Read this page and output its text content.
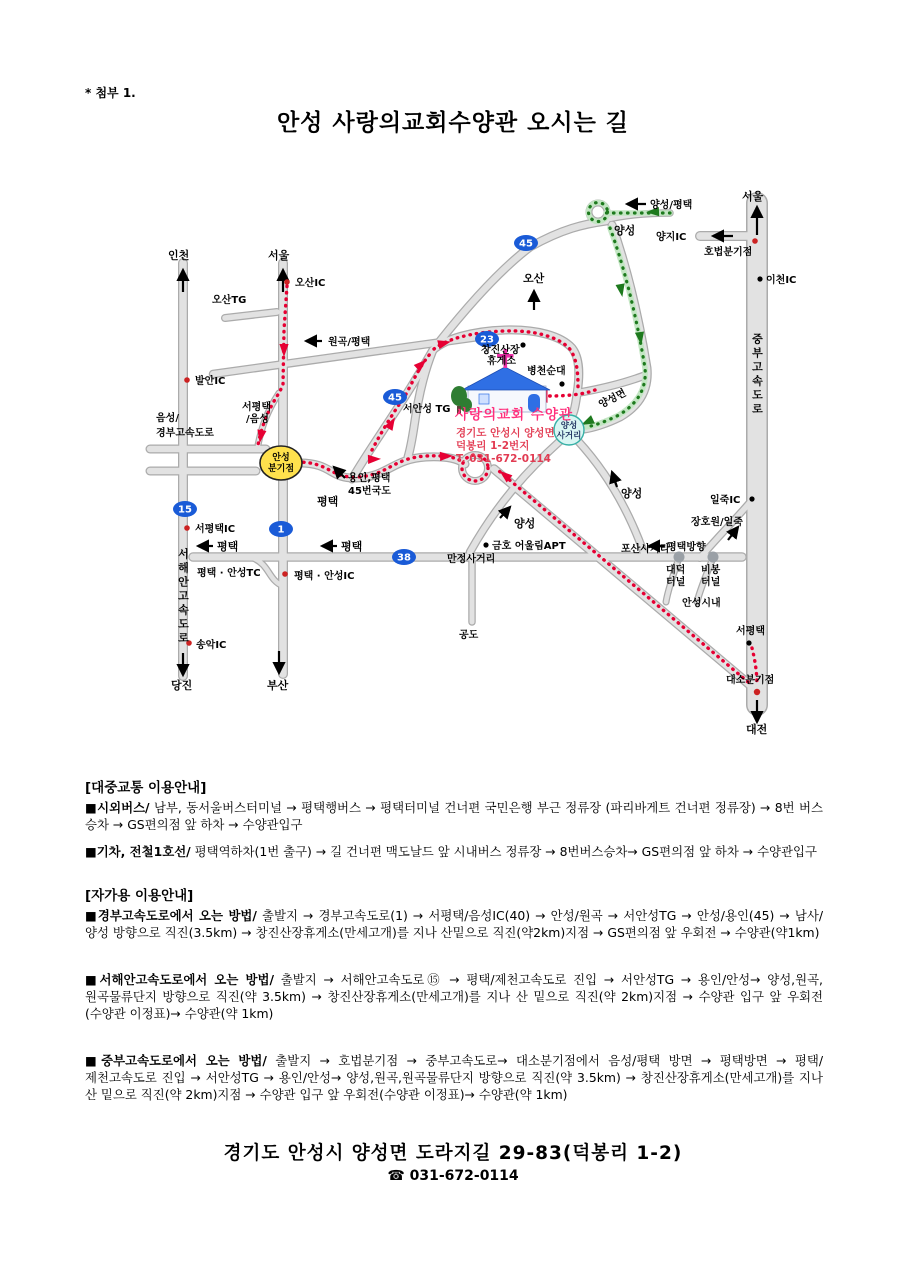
* 첨부 1.
안성 사랑의교회수양관 오시는 길
45
23
45
15
1
38
안성
분기점
양성
사거리
인천	서울
오산IC
오산TG
원곡/평택
발안IC
서평택
/음성
음성/
경부고속도로
용인,평택
45번국도
평택
서평택IC
평택	평택
서해안고속도로 평택 · 안성TC	평택 · 안성IC
만정사거리
공도
송악IC
당진	부산
오산
서안성 TG
창진산장
휴게소
병천순대
양성면
양성
양성/평택
양성
양성
금호 어울림APT
일죽IC
장호원/일죽
평택방향
포산사거리
대덕
터널
비봉
터널
안성시내
서평택
대소분기점
대전
서울
양지IC
호법분기점
이천IC
중부고속도로
사랑의교회 수양관
경기도 안성시 양성면
덕봉리 1-2번지
T. 031-672-0114
[대중교통 이용안내]

■시외버스/ 남부, 동서울버스터미널 → 평택행버스 → 평택터미널 건너편 국민은행 부근 정류장 (파리바게트 건너편 정류장) → 8번 버스 승차 → GS편의점 앞 하차 → 수양관입구

■기차, 전철1호선/ 평택역하차(1번 출구) → 길 건너편 맥도날드 앞 시내버스 정류장 → 8번버스승차→ GS편의점 앞 하차 → 수양관입구

[자가용 이용안내]

■경부고속도로에서 오는 방법/ 출발지 → 경부고속도로(1) → 서평택/음성IC(40) → 안성/원곡 → 서안성TG → 안성/용인(45) → 남사/양성 방향으로 직진(3.5km) → 창진산장휴게소(만세고개)를 지나 산밑으로 직진(약2km)지점 → GS편의점 앞 우회전 → 수양관(약1km)

■서해안고속도로에서 오는 방법/ 출발지 → 서해안고속도로⑮ → 평택/제천고속도로 진입 → 서안성TG → 용인/안성→ 양성,원곡,원곡물류단지 방향으로 직진(약 3.5km) → 창진산장휴게소(만세고개)를 지나 산 밑으로 직진(약 2km)지점 → 수양관 입구 앞 우회전(수양관 이정표)→ 수양관(약 1km)

■중부고속도로에서 오는 방법/ 출발지 → 호법분기점 → 중부고속도로→ 대소분기점에서 음성/평택 방면 → 평택방면 → 평택/제천고속도로 진입 → 서안성TG → 용인/안성→ 양성,원곡,원곡물류단지 방향으로 직진(약 3.5km) → 창진산장휴게소(만세고개)를 지나 산 밑으로 직진(약 2km)지점 → 수양관 입구 앞 우회전(수양관 이정표)→ 수양관(약 1km)

경기도 안성시 양성면 도라지길 29-83(덕봉리 1-2)
☎ 031-672-0114
